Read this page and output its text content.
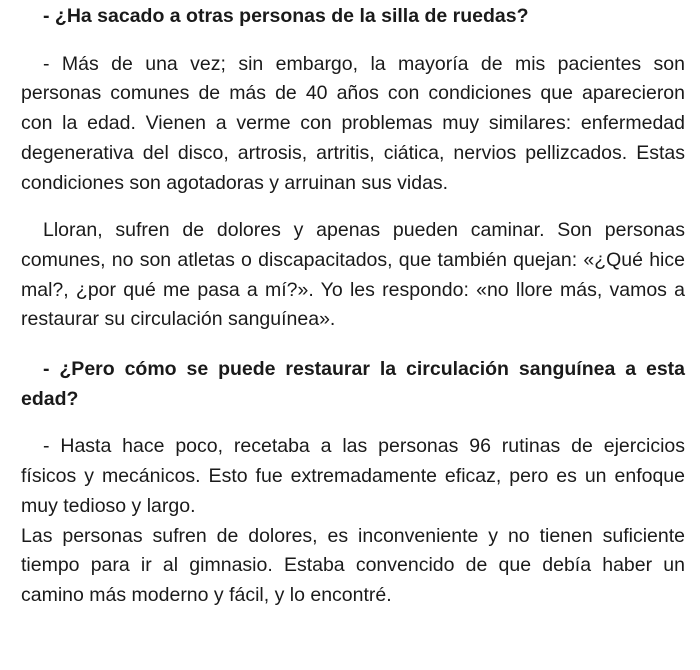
- ¿Ha sacado a otras personas de la silla de ruedas?

- Más de una vez; sin embargo, la mayoría de mis pacientes son personas comunes de más de 40 años con condiciones que aparecieron con la edad. Vienen a verme con problemas muy similares: enfermedad degenerativa del disco, artrosis, artritis, ciática, nervios pellizcados. Estas condiciones son agotadoras y arruinan sus vidas.

Lloran, sufren de dolores y apenas pueden caminar. Son personas comunes, no son atletas o discapacitados, que también quejan: «¿Qué hice mal?, ¿por qué me pasa a mí?». Yo les respondo: «no llore más, vamos a restaurar su circulación sanguínea».

- ¿Pero cómo se puede restaurar la circulación sanguínea a esta edad?

- Hasta hace poco, recetaba a las personas 96 rutinas de ejercicios físicos y mecánicos. Esto fue extremadamente eficaz, pero es un enfoque muy tedioso y largo.

Las personas sufren de dolores, es inconveniente y no tienen suficiente tiempo para ir al gimnasio. Estaba convencido de que debía haber un camino más moderno y fácil, y lo encontré.
